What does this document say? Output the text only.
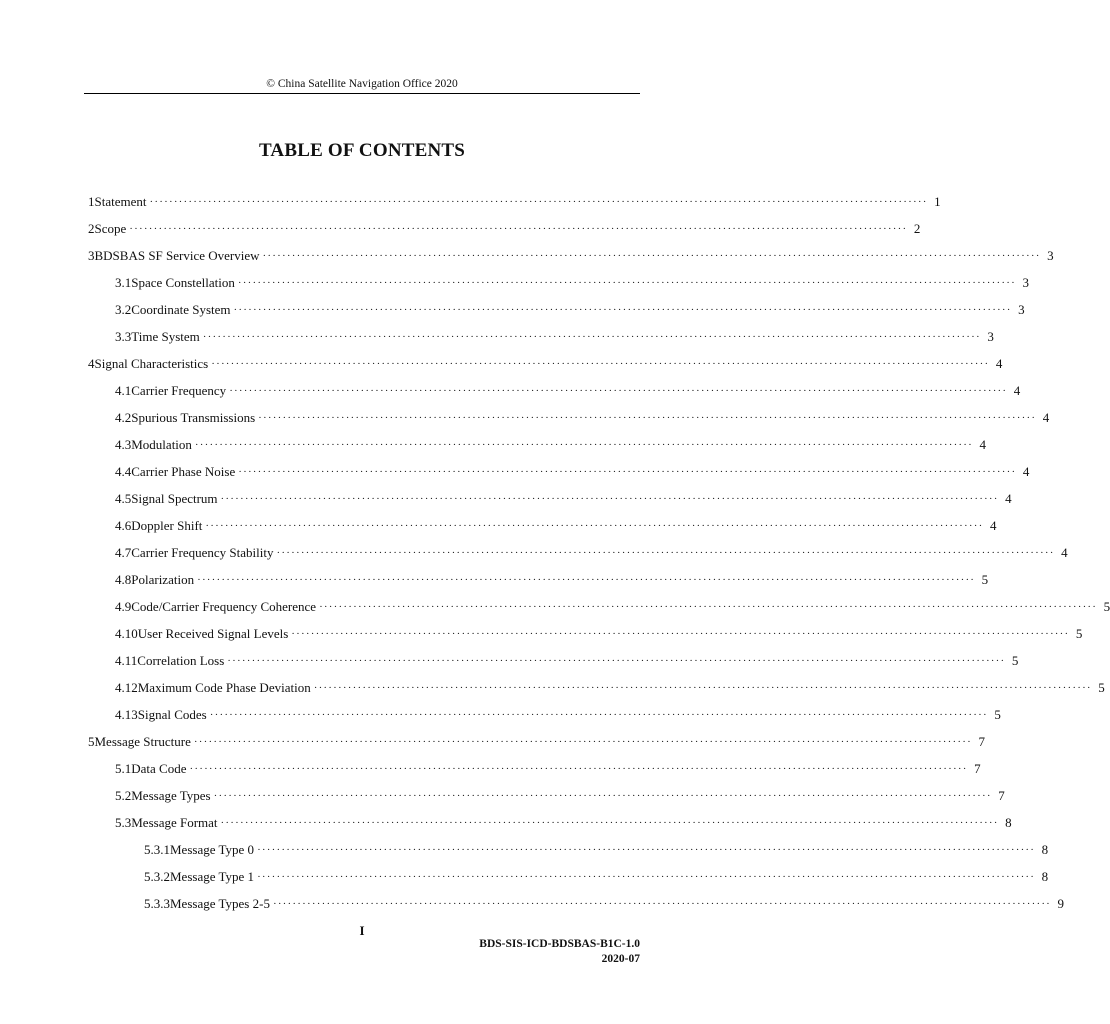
© China Satellite Navigation Office 2020
TABLE OF CONTENTS
1 Statement ································································································································································ 1
2 Scope ································································································································································ 2
3 BDSBAS SF Service Overview ································································································································································ 3
3.1 Space Constellation ································································································································································ 3
3.2 Coordinate System ································································································································································ 3
3.3 Time System ································································································································································ 3
4 Signal Characteristics ································································································································································ 4
4.1 Carrier Frequency ································································································································································ 4
4.2 Spurious Transmissions ································································································································································ 4
4.3 Modulation ································································································································································ 4
4.4 Carrier Phase Noise ································································································································································ 4
4.5 Signal Spectrum ································································································································································ 4
4.6 Doppler Shift ································································································································································ 4
4.7 Carrier Frequency Stability ································································································································································ 4
4.8 Polarization ································································································································································ 5
4.9 Code/Carrier Frequency Coherence ································································································································································ 5
4.10 User Received Signal Levels ································································································································································ 5
4.11 Correlation Loss ································································································································································ 5
4.12 Maximum Code Phase Deviation ································································································································································ 5
4.13 Signal Codes ································································································································································ 5
5 Message Structure ································································································································································ 7
5.1 Data Code ································································································································································ 7
5.2 Message Types ································································································································································ 7
5.3 Message Format ································································································································································ 8
5.3.1 Message Type 0 ································································································································································ 8
5.3.2 Message Type 1 ································································································································································ 8
5.3.3 Message Types 2-5 ································································································································································ 9
I
BDS-SIS-ICD-BDSBAS-B1C-1.0
2020-07
